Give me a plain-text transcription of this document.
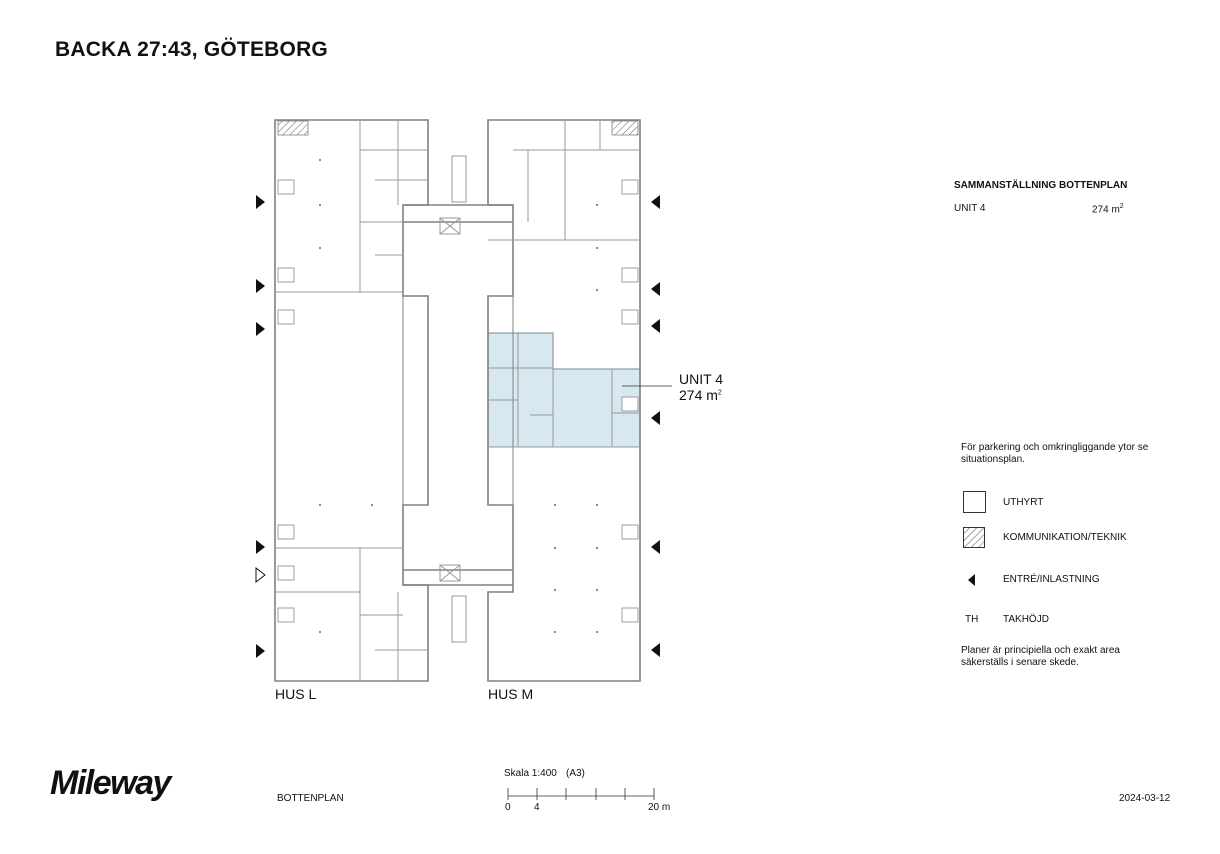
BACKA 27:43, GÖTEBORG
UNIT 4
274 $m^2$
HUS L	HUS M
SAMMANSTÄLLNING BOTTENPLAN
UNIT 4	274 $m^2$
För parkering och omkringliggande ytor se situationsplan.
UTHYRT
KOMMUNIKATION/TEKNIK
ENTRÉ/INLASTNING
TH TAKHÖJD
Planer är principiella och exakt area säkerställs i senare skede.
Mileway	BOTTENPLAN
Skala 1:400 (A3)
0 4	20 m
2024-03-12
